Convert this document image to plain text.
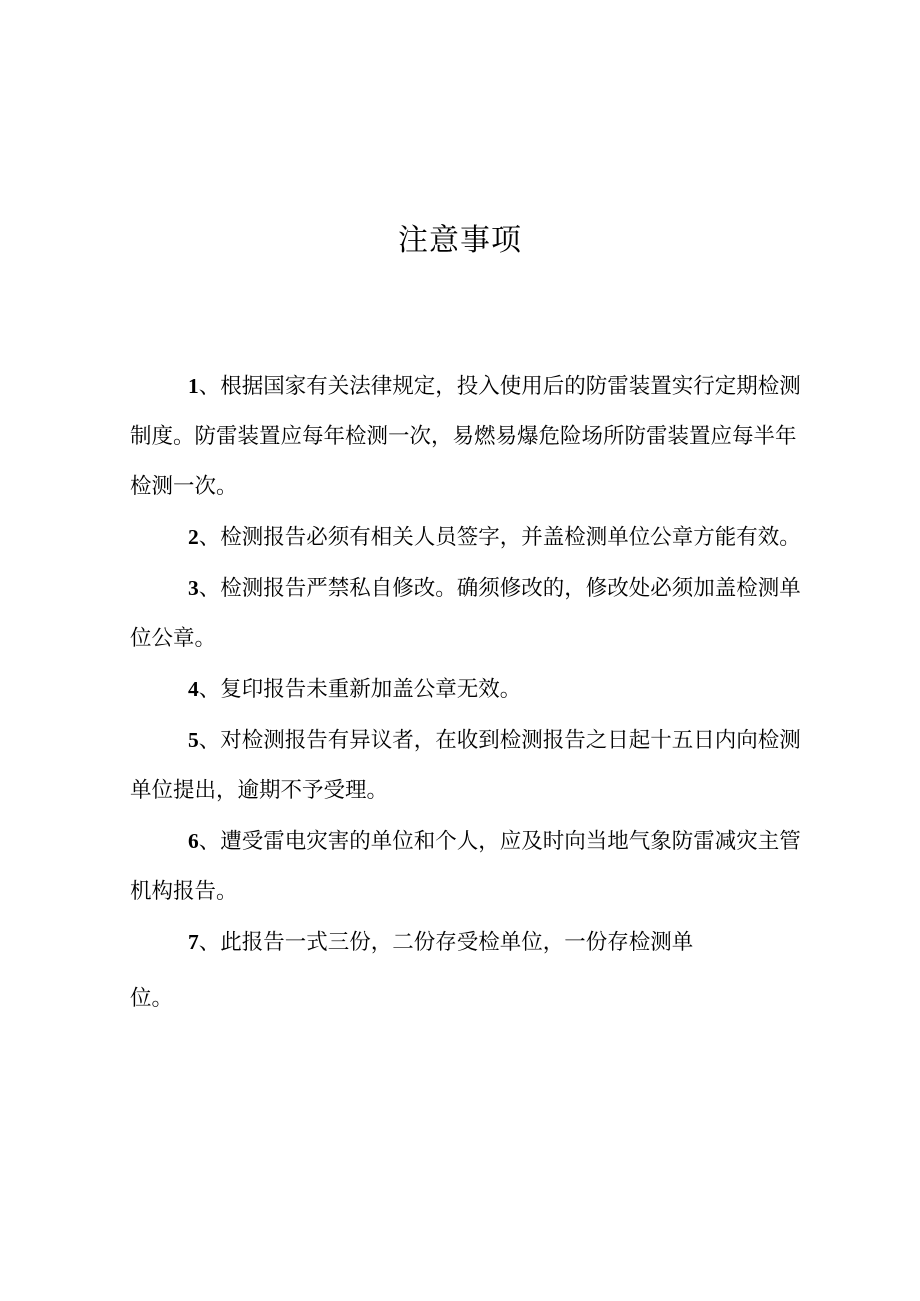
注意事项

1、根据国家有关法律规定，投入使用后的防雷装置实行定期检测制度。防雷装置应每年检测一次，易燃易爆危险场所防雷装置应每半年检测一次。

2、检测报告必须有相关人员签字，并盖检测单位公章方能有效。

3、检测报告严禁私自修改。确须修改的，修改处必须加盖检测单位公章。

4、复印报告未重新加盖公章无效。

5、对检测报告有异议者，在收到检测报告之日起十五日内向检测单位提出，逾期不予受理。

6、遭受雷电灾害的单位和个人，应及时向当地气象防雷减灾主管机构报告。

7、此报告一式三份，二份存受检单位，一份存检测单
位。
